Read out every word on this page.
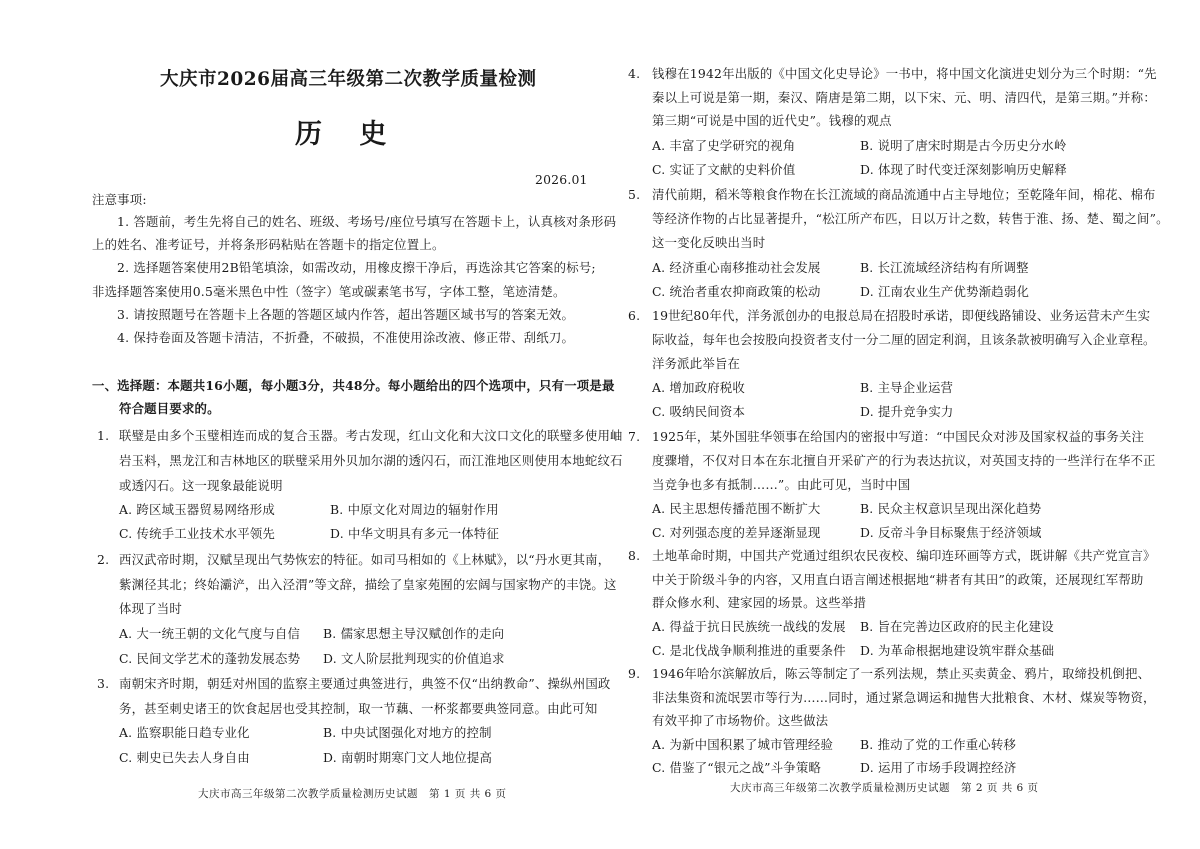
大庆市2026届高三年级第二次教学质量检测
历 史
2026.01
注意事项:
1. 答题前，考生先将自己的姓名、班级、考场号/座位号填写在答题卡上，认真核对条形码
上的姓名、准考证号，并将条形码粘贴在答题卡的指定位置上。
2. 选择题答案使用2B铅笔填涂，如需改动，用橡皮擦干净后，再选涂其它答案的标号;
非选择题答案使用0.5毫米黑色中性（签字）笔或碳素笔书写，字体工整，笔迹清楚。
3. 请按照题号在答题卡上各题的答题区域内作答，超出答题区域书写的答案无效。
4. 保持卷面及答题卡清洁，不折叠，不破损，不准使用涂改液、修正带、刮纸刀。
一、选择题：本题共16小题，每小题3分，共48分。每小题给出的四个选项中，只有一项是最
符合题目要求的。
1. 联璧是由多个玉璧相连而成的复合玉器。考古发现，红山文化和大汶口文化的联璧多使用岫
岩玉料，黑龙江和吉林地区的联璧采用外贝加尔湖的透闪石，而江淮地区则使用本地蛇纹石
或透闪石。这一现象最能说明
A. 跨区域玉器贸易网络形成	B. 中原文化对周边的辐射作用
C. 传统手工业技术水平领先	D. 中华文明具有多元一体特征
2. 西汉武帝时期，汉赋呈现出气势恢宏的特征。如司马相如的《上林赋》，以“丹水更其南，
紫渊径其北；终始灞浐，出入泾渭”等文辞，描绘了皇家苑囿的宏阔与国家物产的丰饶。这
体现了当时
A. 大一统王朝的文化气度与自信 B. 儒家思想主导汉赋创作的走向
C. 民间文学艺术的蓬勃发展态势 D. 文人阶层批判现实的价值追求
3. 南朝宋齐时期，朝廷对州国的监察主要通过典签进行，典签不仅“出纳教命”、操纵州国政
务，甚至刺史诸王的饮食起居也受其控制，取一节藕、一杯浆都要典签同意。由此可知
A. 监察职能日趋专业化	B. 中央试图强化对地方的控制
C. 刺史已失去人身自由	D. 南朝时期寒门文人地位提高
大庆市高三年级第二次教学质量检测历史试题　第 1 页 共 6 页
4. 钱穆在1942年出版的《中国文化史导论》一书中，将中国文化演进史划分为三个时期：“先
秦以上可说是第一期，秦汉、隋唐是第二期，以下宋、元、明、清四代，是第三期。”并称：
第三期“可说是中国的近代史”。钱穆的观点
A. 丰富了史学研究的视角	B. 说明了唐宋时期是古今历史分水岭
C. 实证了文献的史料价值	D. 体现了时代变迁深刻影响历史解释
5. 清代前期，稻米等粮食作物在长江流域的商品流通中占主导地位；至乾隆年间，棉花、棉布
等经济作物的占比显著提升，“松江所产布匹，日以万计之数，转售于淮、扬、楚、蜀之间”。
这一变化反映出当时
A. 经济重心南移推动社会发展	B. 长江流域经济结构有所调整
C. 统治者重农抑商政策的松动	D. 江南农业生产优势渐趋弱化
6. 19世纪80年代，洋务派创办的电报总局在招股时承诺，即便线路铺设、业务运营未产生实
际收益，每年也会按股向投资者支付一分二厘的固定利润，且该条款被明确写入企业章程。
洋务派此举旨在
A. 增加政府税收	B. 主导企业运营
C. 吸纳民间资本	D. 提升竞争实力
7. 1925年，某外国驻华领事在给国内的密报中写道：“中国民众对涉及国家权益的事务关注
度骤增，不仅对日本在东北擅自开采矿产的行为表达抗议，对英国支持的一些洋行在华不正
当竞争也多有抵制……”。由此可见，当时中国
A. 民主思想传播范围不断扩大	B. 民众主权意识呈现出深化趋势
C. 对列强态度的差异逐渐显现	D. 反帝斗争目标聚焦于经济领域
8. 土地革命时期，中国共产党通过组织农民夜校、编印连环画等方式，既讲解《共产党宣言》
中关于阶级斗争的内容，又用直白语言阐述根据地“耕者有其田”的政策，还展现红军帮助
群众修水利、建家园的场景。这些举措
A. 得益于抗日民族统一战线的发展 B. 旨在完善边区政府的民主化建设
C. 是北伐战争顺利推进的重要条件 D. 为革命根据地建设筑牢群众基础
9. 1946年哈尔滨解放后，陈云等制定了一系列法规，禁止买卖黄金、鸦片，取缔投机倒把、
非法集资和流氓罢市等行为……同时，通过紧急调运和抛售大批粮食、木材、煤炭等物资，
有效平抑了市场物价。这些做法
A. 为新中国积累了城市管理经验 B. 推动了党的工作重心转移
C. 借鉴了“银元之战”斗争策略	D. 运用了市场手段调控经济
大庆市高三年级第二次教学质量检测历史试题　第 2 页 共 6 页
